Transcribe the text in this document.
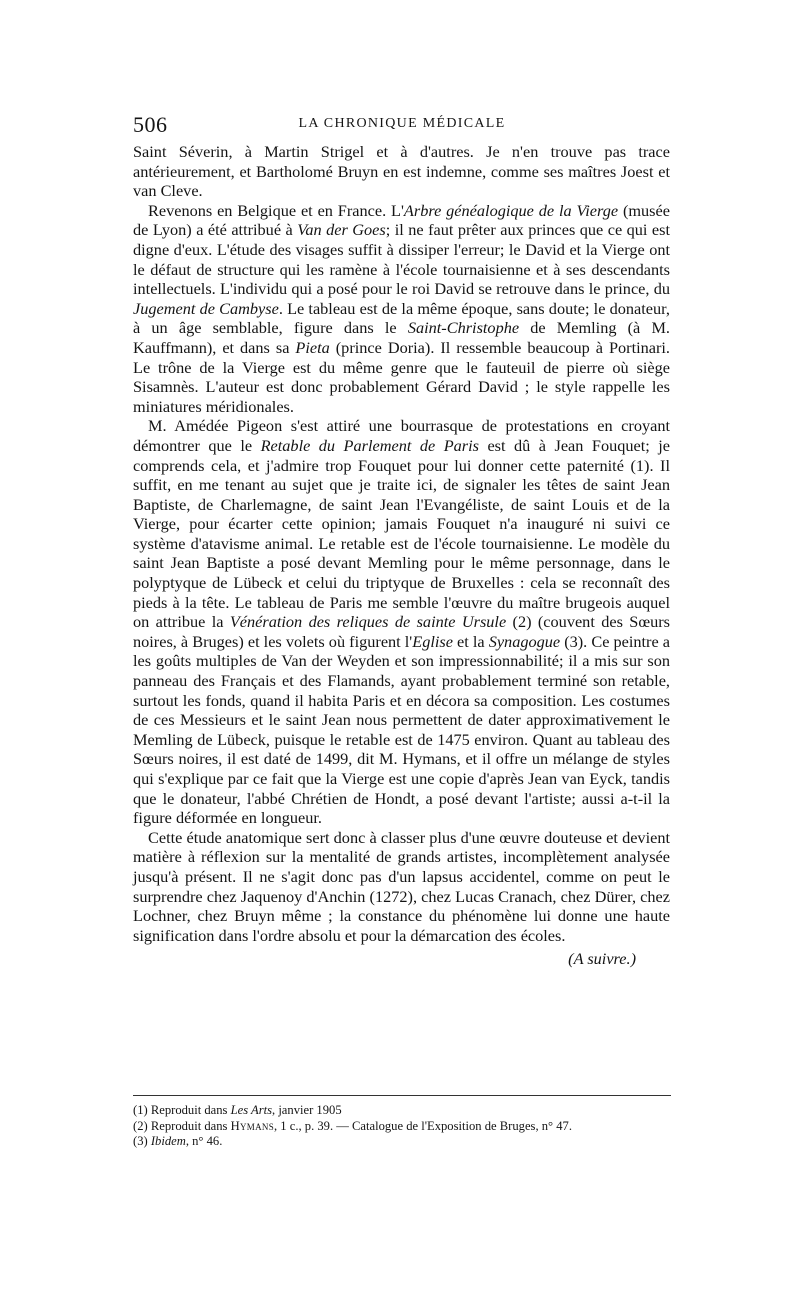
506	LA CHRONIQUE MÉDICALE

Saint Séverin, à Martin Strigel et à d'autres. Je n'en trouve pas trace antérieurement, et Bartholomé Bruyn en est indemne, comme ses maîtres Joest et van Cleve.

Revenons en Belgique et en France. L'Arbre généalogique de la Vierge (musée de Lyon) a été attribué à Van der Goes; il ne faut prêter aux princes que ce qui est digne d'eux. L'étude des visages suffit à dissiper l'erreur; le David et la Vierge ont le défaut de structure qui les ramène à l'école tournaisienne et à ses descendants intellectuels. L'individu qui a posé pour le roi David se retrouve dans le prince, du Jugement de Cambyse. Le tableau est de la même époque, sans doute; le donateur, à un âge semblable, figure dans le Saint-Christophe de Memling (à M. Kauffmann), et dans sa Pieta (prince Doria). Il ressemble beaucoup à Portinari. Le trône de la Vierge est du même genre que le fauteuil de pierre où siège Sisamnès. L'auteur est donc probablement Gérard David ; le style rappelle les miniatures méridionales.

M. Amédée Pigeon s'est attiré une bourrasque de protestations en croyant démontrer que le Retable du Parlement de Paris est dû à Jean Fouquet; je comprends cela, et j'admire trop Fouquet pour lui donner cette paternité (1). Il suffit, en me tenant au sujet que je traite ici, de signaler les têtes de saint Jean Baptiste, de Charlemagne, de saint Jean l'Evangéliste, de saint Louis et de la Vierge, pour écarter cette opinion; jamais Fouquet n'a inauguré ni suivi ce système d'atavisme animal. Le retable est de l'école tournaisienne. Le modèle du saint Jean Baptiste a posé devant Memling pour le même personnage, dans le polyptyque de Lübeck et celui du triptyque de Bruxelles : cela se reconnaît des pieds à la tête. Le tableau de Paris me semble l'œuvre du maître brugeois auquel on attribue la Vénération des reliques de sainte Ursule (2) (couvent des Sœurs noires, à Bruges) et les volets où figurent l'Eglise et la Synagogue (3). Ce peintre a les goûts multiples de Van der Weyden et son impressionnabilité; il a mis sur son panneau des Français et des Flamands, ayant probablement terminé son retable, surtout les fonds, quand il habita Paris et en décora sa composition. Les costumes de ces Messieurs et le saint Jean nous permettent de dater approximativement le Memling de Lübeck, puisque le retable est de 1475 environ. Quant au tableau des Sœurs noires, il est daté de 1499, dit M. Hymans, et il offre un mélange de styles qui s'explique par ce fait que la Vierge est une copie d'après Jean van Eyck, tandis que le donateur, l'abbé Chrétien de Hondt, a posé devant l'artiste; aussi a-t-il la figure déformée en longueur.

Cette étude anatomique sert donc à classer plus d'une œuvre douteuse et devient matière à réflexion sur la mentalité de grands artistes, incomplètement analysée jusqu'à présent. Il ne s'agit donc pas d'un lapsus accidentel, comme on peut le surprendre chez Jaquenoy d'Anchin (1272), chez Lucas Cranach, chez Dürer, chez Lochner, chez Bruyn même ; la constance du phénomène lui donne une haute signification dans l'ordre absolu et pour la démarcation des écoles.

(A suivre.)
(1) Reproduit dans Les Arts, janvier 1905
(2) Reproduit dans Hymans, 1 c., p. 39. — Catalogue de l'Exposition de Bruges, n° 47.
(3) Ibidem, n° 46.
